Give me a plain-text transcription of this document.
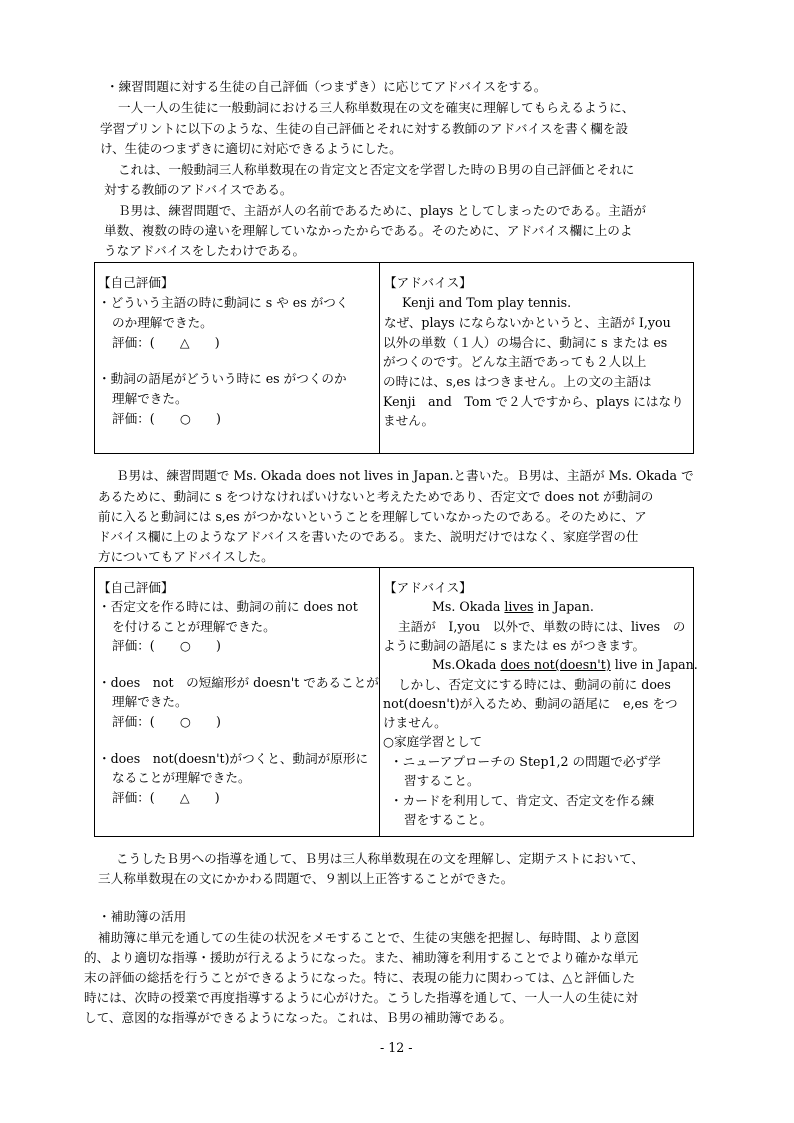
・練習問題に対する生徒の自己評価（つまずき）に応じてアドバイスをする。
一人一人の生徒に一般動詞における三人称単数現在の文を確実に理解してもらえるように、
学習プリントに以下のような、生徒の自己評価とそれに対する教師のアドバイスを書く欄を設
け、生徒のつまずきに適切に対応できるようにした。
これは、一般動詞三人称単数現在の肯定文と否定文を学習した時のＢ男の自己評価とそれに
対する教師のアドバイスである。
Ｂ男は、練習問題で、主語が人の名前であるために、plays としてしまったのである。主語が
単数、複数の時の違いを理解していなかったからである。そのために、アドバイス欄に上のよ
うなアドバイスをしたわけである。
【自己評価】
・どういう主語の時に動詞に s や es がつく
のか理解できた。
評価：(　　△　　)
・動詞の語尾がどういう時に es がつくのか
理解できた。
評価：(　　○　　)
【アドバイス】
Kenji and Tom play tennis.
なぜ、plays にならないかというと、主語が I,you
以外の単数（１人）の場合に、動詞に s または es
がつくのです。どんな主語であっても２人以上
の時には、s,es はつきません。上の文の主語は
Kenji　and　Tom で２人ですから、plays にはなり
ません。
Ｂ男は、練習問題で Ms. Okada does not lives in Japan.と書いた。Ｂ男は、主語が Ms. Okada で
あるために、動詞に s をつけなければいけないと考えたためであり、否定文で does not が動詞の
前に入ると動詞には s,es がつかないということを理解していなかったのである。そのために、ア
ドバイス欄に上のようなアドバイスを書いたのである。また、説明だけではなく、家庭学習の仕
方についてもアドバイスした。
【自己評価】
・否定文を作る時には、動詞の前に does not
を付けることが理解できた。
評価：(　　○　　)
・does　not　の短縮形が doesn't であることが
理解できた。
評価：(　　○　　)
・does　not(doesn't)がつくと、動詞が原形に
なることが理解できた。
評価：(　　△　　)
【アドバイス】
Ms. Okada lives in Japan.
主語が　I,you　以外で、単数の時には、lives　の
ように動詞の語尾に s または es がつきます。
Ms.Okada does not(doesn't) live in Japan.
しかし、否定文にする時には、動詞の前に does
not(doesn't)が入るため、動詞の語尾に　e,es をつ
けません。
○家庭学習として
・ニューアプローチの Step1,2 の問題で必ず学
習すること。
・カードを利用して、肯定文、否定文を作る練
習をすること。
こうしたＢ男への指導を通して、Ｂ男は三人称単数現在の文を理解し、定期テストにおいて、
三人称単数現在の文にかかわる問題で、９割以上正答することができた。
・補助簿の活用
補助簿に単元を通しての生徒の状況をメモすることで、生徒の実態を把握し、毎時間、より意図
的、より適切な指導・援助が行えるようになった。また、補助簿を利用することでより確かな単元
末の評価の総括を行うことができるようになった。特に、表現の能力に関わっては、△と評価した
時には、次時の授業で再度指導するように心がけた。こうした指導を通して、一人一人の生徒に対
して、意図的な指導ができるようになった。これは、Ｂ男の補助簿である。
- 12 -
